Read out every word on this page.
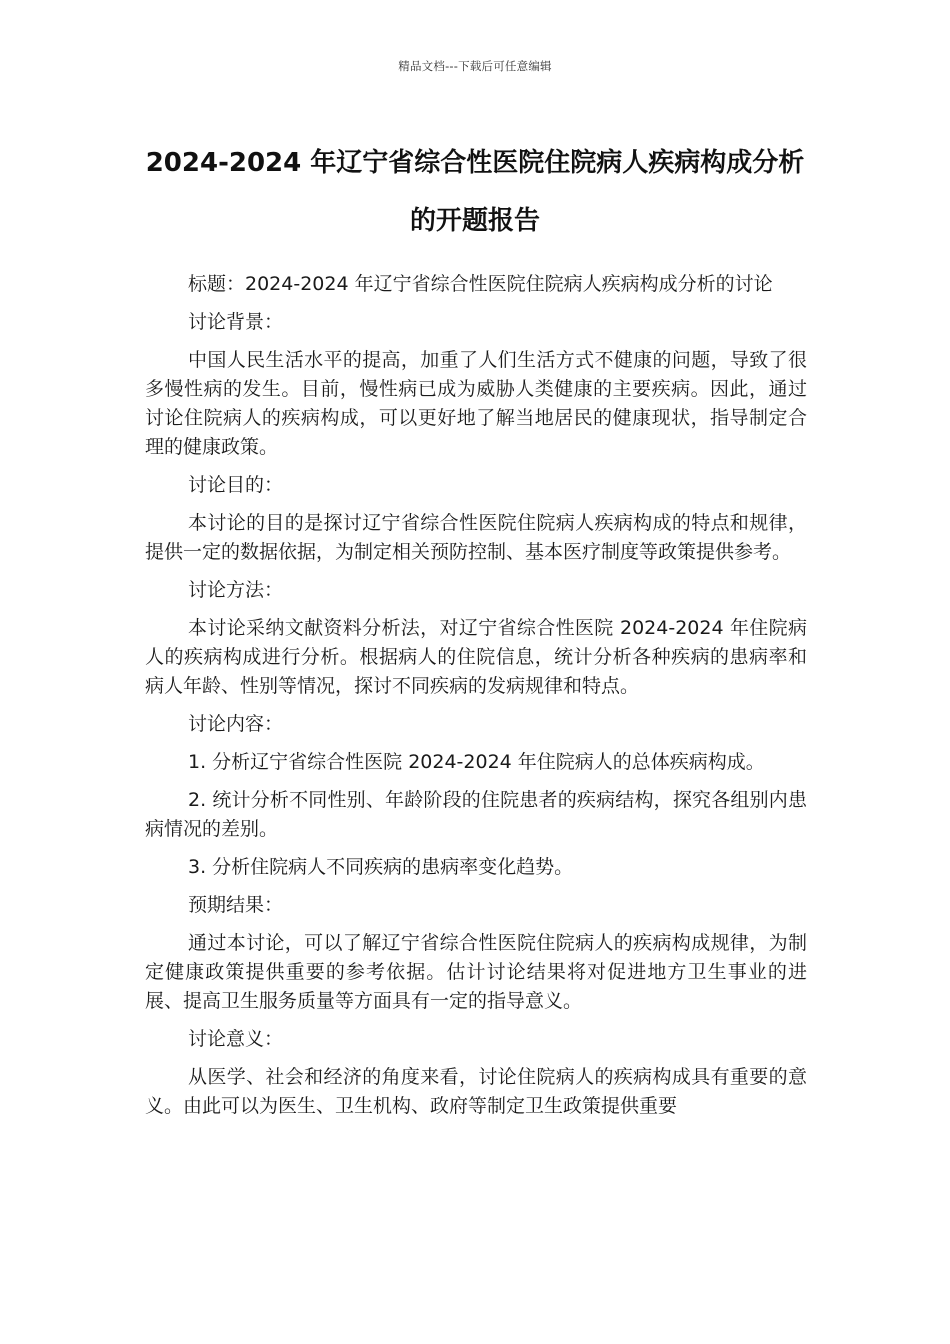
精品文档---下载后可任意编辑
2024-2024 年辽宁省综合性医院住院病人疾病构成分析的开题报告

标题：2024-2024 年辽宁省综合性医院住院病人疾病构成分析的讨论

讨论背景：

中国人民生活水平的提高，加重了人们生活方式不健康的问题，导致了很多慢性病的发生。目前，慢性病已成为威胁人类健康的主要疾病。因此，通过讨论住院病人的疾病构成，可以更好地了解当地居民的健康现状，指导制定合理的健康政策。

讨论目的：

本讨论的目的是探讨辽宁省综合性医院住院病人疾病构成的特点和规律，提供一定的数据依据，为制定相关预防控制、基本医疗制度等政策提供参考。

讨论方法：

本讨论采纳文献资料分析法，对辽宁省综合性医院 2024-2024 年住院病人的疾病构成进行分析。根据病人的住院信息，统计分析各种疾病的患病率和病人年龄、性别等情况，探讨不同疾病的发病规律和特点。

讨论内容：

1. 分析辽宁省综合性医院 2024-2024 年住院病人的总体疾病构成。

2. 统计分析不同性别、年龄阶段的住院患者的疾病结构，探究各组别内患病情况的差别。

3. 分析住院病人不同疾病的患病率变化趋势。

预期结果：

通过本讨论，可以了解辽宁省综合性医院住院病人的疾病构成规律，为制定健康政策提供重要的参考依据。估计讨论结果将对促进地方卫生事业的进展、提高卫生服务质量等方面具有一定的指导意义。

讨论意义：

从医学、社会和经济的角度来看，讨论住院病人的疾病构成具有重要的意义。由此可以为医生、卫生机构、政府等制定卫生政策提供重要
